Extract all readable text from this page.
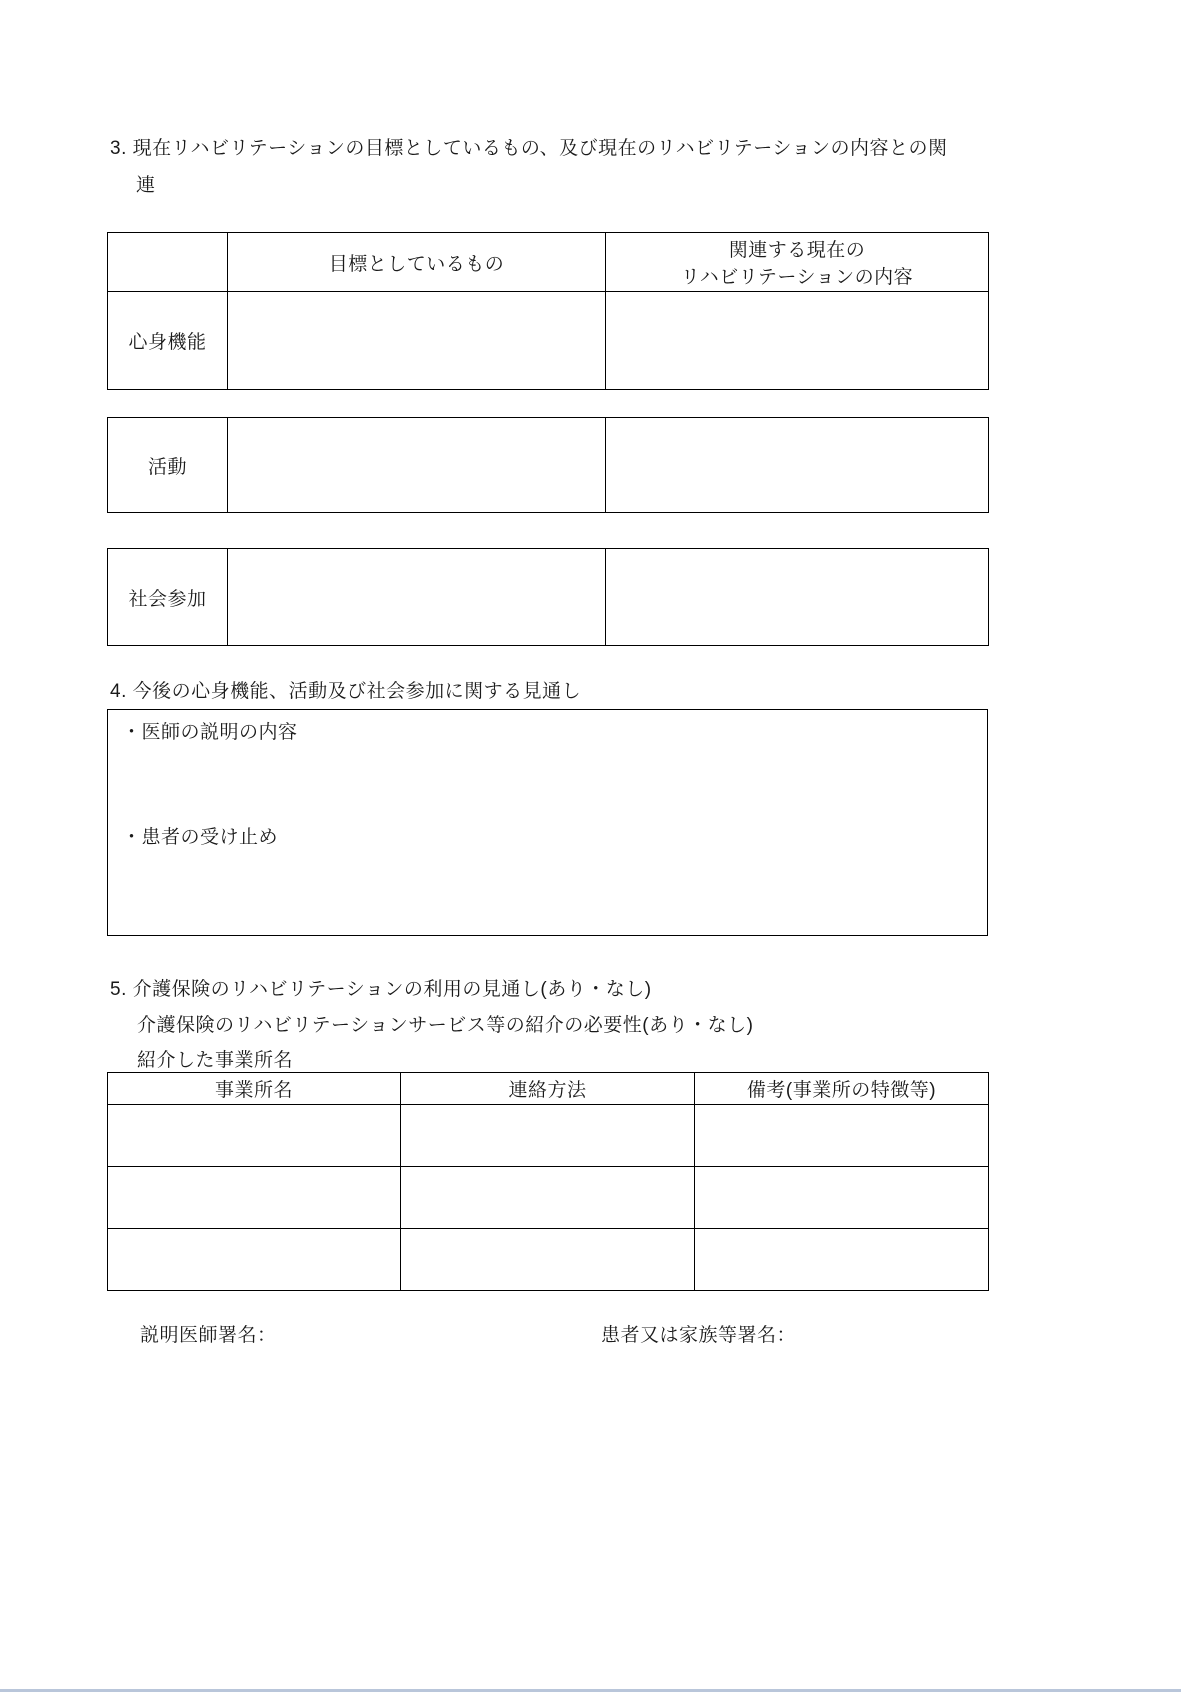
3. 現在リハビリテーションの目標としているもの、及び現在のリハビリテーションの内容との関
連
	目標としているもの	関連する現在の
リハビリテーションの内容

心身機能		
活動		
社会参加		
4. 今後の心身機能、活動及び社会参加に関する見通し
・医師の説明の内容
・患者の受け止め
5. 介護保険のリハビリテーションの利用の見通し(あり・なし)
介護保険のリハビリテーションサービス等の紹介の必要性(あり・なし)
紹介した事業所名
事業所名	連絡方法	備考(事業所の特徴等)

説明医師署名：	患者又は家族等署名：
